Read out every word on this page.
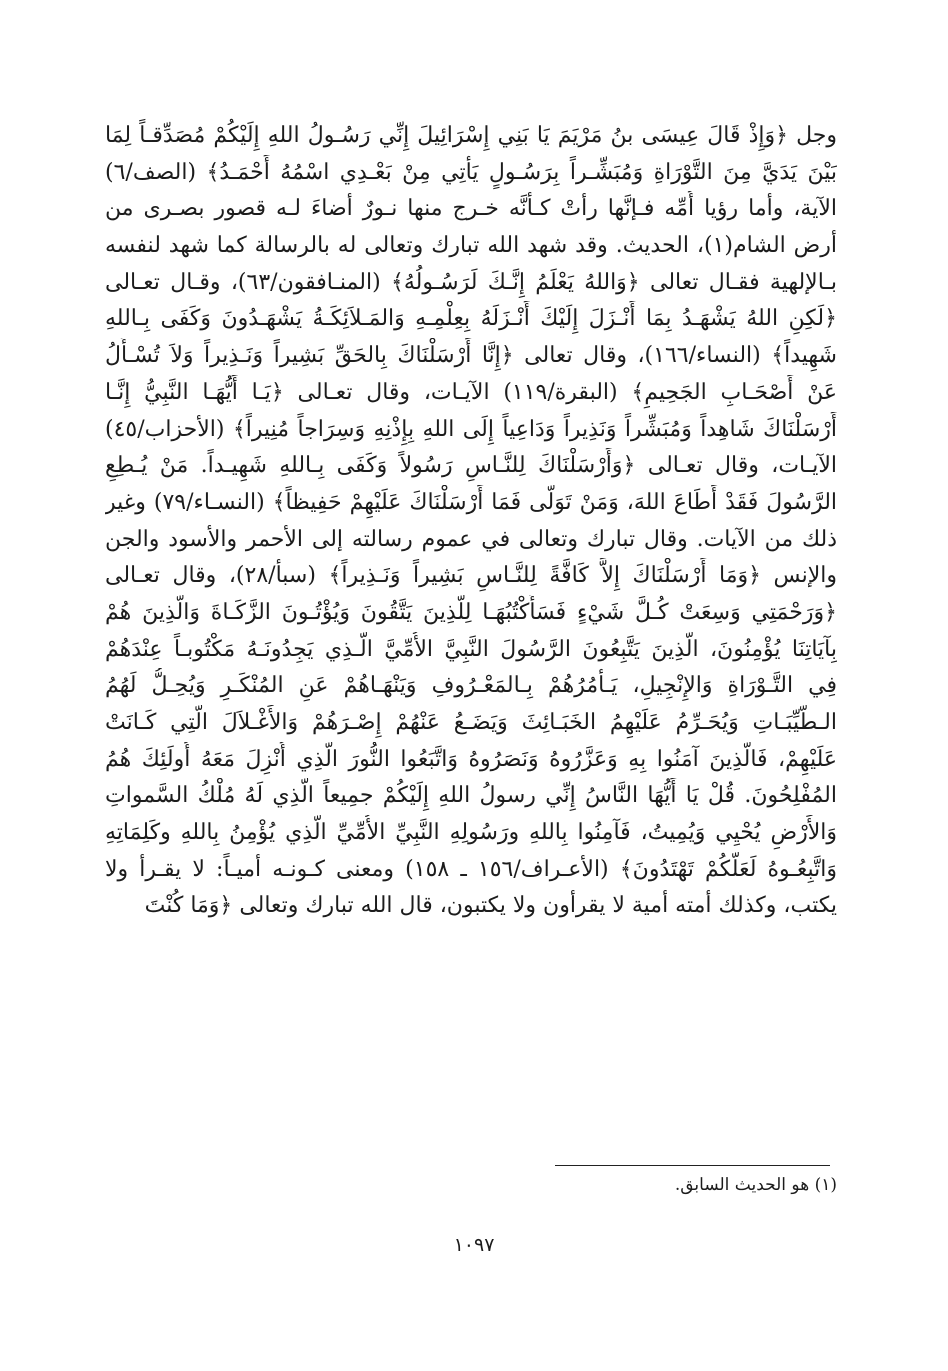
وجل ﴿وَإِذْ قَالَ عِيسَى بنُ مَرْيَمَ يَا بَنِي إِسْرَائِيلَ إِنِّي رَسُـولُ اللهِ إِلَيْكُمْ مُصَدِّقـاً لِمَا
بَيْنَ يَدَيَّ مِنَ التَّوْرَاةِ وَمُبَشِّـراً بِرَسُـولٍ يَأْتِي مِنْ بَعْـدِي اسْمُهُ أَحْمَـدُ﴾ (الصف/٦)
الآية، وأما رؤيا أُمِّه فـإنَّها رأتْ كـأنَّه خـرج منها نـورٌ أضاءَ لـه قصور بصـرى من
أرض الشام(١)، الحديث. وقد شهد الله تبارك وتعالى له بالرسالة كما شهد لنفسه
بـالإلهية فقـال تعالى ﴿وَاللهُ يَعْلَمُ إِنَّـكَ لَرَسُـولُهُ﴾ (المنـافقون/٦٣)، وقـال تعـالى
﴿لَكِنِ اللهُ يَشْهَـدُ بِمَا أَنْـزَلَ إِلَيْكَ أَنْـزَلَهُ بِعِلْمِـهِ وَالمَـلاَئِكَـةُ يَشْهَـدُونَ وَكَفَى بِـاللهِ
شَهِيداً﴾ (النساء/١٦٦)، وقال تعالى ﴿إِنَّا أَرْسَلْنَاكَ بِالحَقِّ بَشِيراً وَنَـذِيراً وَلاَ تُسْـأَلُ
عَنْ أَصْحَـابِ الجَحِيمِ﴾ (البقرة/١١٩) الآيـات، وقال تعـالى ﴿يَـا أَيُّهَـا النَّبِيُّ إِنَّـا
أَرْسَلْنَاكَ شَاهِداً وَمُبَشِّراً وَنَذِيراً وَدَاعِياً إِلَى اللهِ بِإِذْنِهِ وَسِرَاجاً مُنِيراً﴾ (الأحزاب/٤٥)
الآيـات، وقال تعـالى ﴿وَأَرْسَلْنَاكَ لِلنَّـاسِ رَسُولاً وَكَفَى بِـاللهِ شَهِيـداً. مَنْ يُـطِعِ
الرَّسُولَ فَقَدْ أَطَاعَ اللهَ، وَمَنْ تَوَلَّى فَمَا أَرْسَلْنَاكَ عَلَيْهِمْ حَفِيظاً﴾ (النسـاء/٧٩) وغير
ذلك من الآيات. وقال تبارك وتعالى في عموم رسالته إلى الأحمر والأسود والجن
والإنس ﴿وَمَا أَرْسَلْنَاكَ إِلاَّ كَافَّةً لِلنَّـاسِ بَشِيراً وَنَـذِيراً﴾ (سبأ/٢٨)، وقال تعـالى
﴿وَرَحْمَتِي وَسِعَتْ كُـلَّ شَيْءٍ فَسَأَكْتُبُهَـا لِلَّذِينَ يَتَّقُونَ وَيُؤْتُـونَ الزَّكَـاةَ وَالَّذِينَ هُمْ
بِآيَاتِنَا يُؤْمِنُونَ، الَّذِينَ يَتَّبِعُونَ الرَّسُولَ النَّبِيَّ الأُمِّيَّ الَّـذِي يَجِدُونَـهُ مَكْتُوبـاً عِنْدَهُمْ
فِي التَّـوْرَاةِ وَالإِنْجِيلِ، يَـأْمُرُهُمْ بِـالمَعْـرُوفِ وَيَنْهَـاهُمْ عَنِ المُنْكَـرِ وَيُحِـلُّ لَهُمُ
الـطَّيِّبَـاتِ وَيُحَـرِّمُ عَلَيْهِمُ الخَبَـائِثَ وَيَضَـعُ عَنْهُمْ إِصْـرَهُمْ وَالأَغْـلاَلَ الَّتِي كَـانَتْ
عَلَيْهِمْ، فَالَّذِينَ آمَنُوا بِهِ وَعَزَّرُوهُ وَنَصَرُوهُ وَاتَّبَعُوا النُّورَ الَّذِي أُنْزِلَ مَعَهُ أُولَئِكَ هُمُ
المُفْلِحُونَ. قُلْ يَا أَيُّهَا النَّاسُ إِنِّي رسولُ اللهِ إِلَيْكُمْ جمِيعاً الَّذِي لَهُ مُلْكُ السَّمواتِ
وَالأَرْضِ يُحْيِي وَيُمِيتُ، فَآمِنُوا بِاللهِ ورَسُولِهِ النَّبِيِّ الأُمِّيِّ الَّذِي يُؤْمِنُ بِاللهِ وكَلِمَاتِهِ
وَاتَّبِعُـوهُ لَعَلَّكُمْ تَهْتَدُونَ﴾ (الأعـراف/١٥٦ ـ ١٥٨) ومعنى كـونـه أميـاً: لا يقـرأ ولا
يكتب، وكذلك أمته أمية لا يقرأون ولا يكتبون، قال الله تبارك وتعالى ﴿وَمَا كُنْتَ
(١) هو الحديث السابق.
١٠٩٧
